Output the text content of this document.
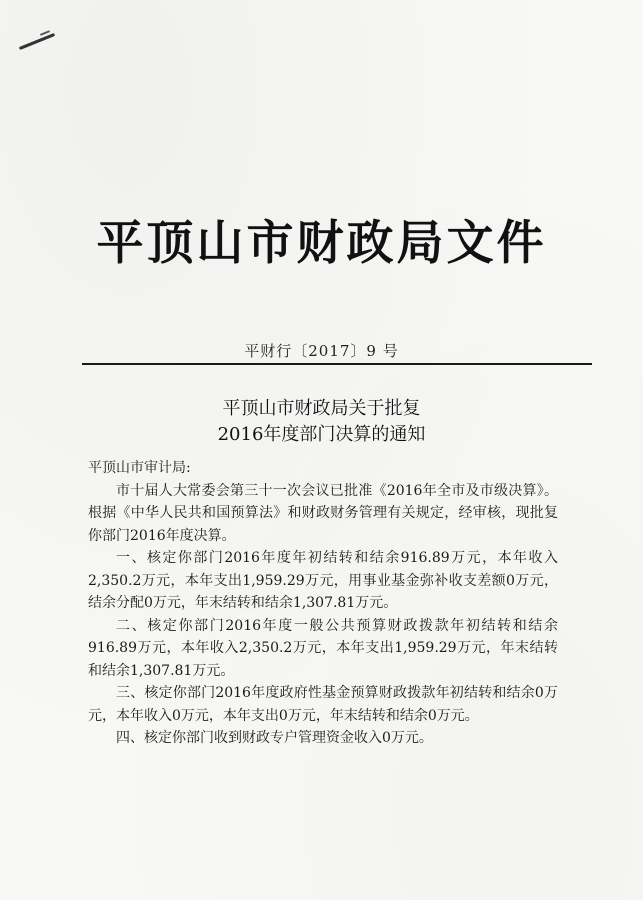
平顶山市财政局文件
平财行〔2017〕9 号
平顶山市财政局关于批复
2016年度部门决算的通知

平顶山市审计局:

市十届人大常委会第三十一次会议已批准《2016年全市及市级决算》。根据《中华人民共和国预算法》和财政财务管理有关规定，经审核，现批复你部门2016年度决算。

一、核定你部门2016年度年初结转和结余916.89万元，本年收入2,350.2万元，本年支出1,959.29万元，用事业基金弥补收支差额0万元，结余分配0万元，年末结转和结余1,307.81万元。

二、核定你部门2016年度一般公共预算财政拨款年初结转和结余916.89万元，本年收入2,350.2万元，本年支出1,959.29万元，年末结转和结余1,307.81万元。

三、核定你部门2016年度政府性基金预算财政拨款年初结转和结余0万元，本年收入0万元，本年支出0万元，年末结转和结余0万元。

四、核定你部门收到财政专户管理资金收入0万元。
